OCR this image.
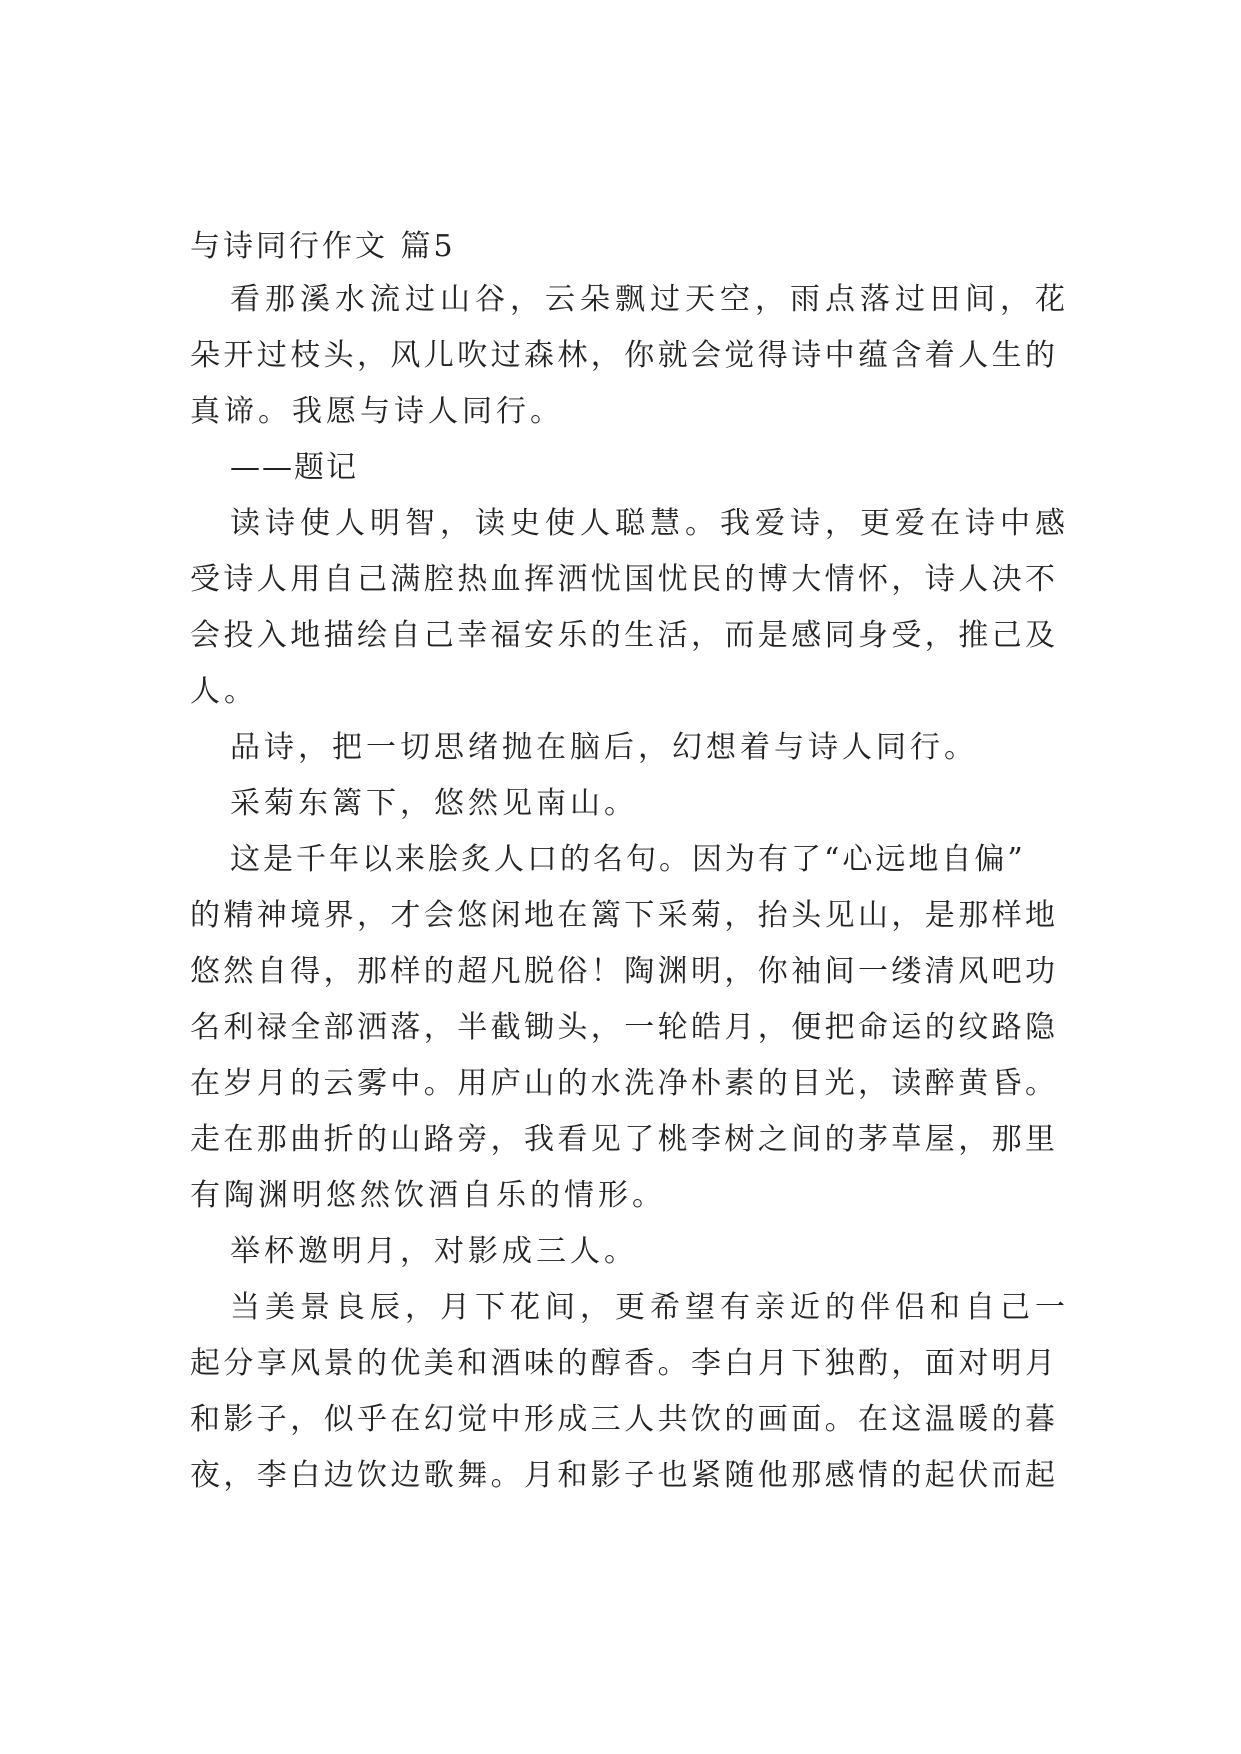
与诗同行作文 篇5
看那溪水流过山谷，云朵飘过天空，雨点落过田间，花
朵开过枝头，风儿吹过森林，你就会觉得诗中蕴含着人生的
真谛。我愿与诗人同行。
——题记
读诗使人明智，读史使人聪慧。我爱诗，更爱在诗中感
受诗人用自己满腔热血挥洒忧国忧民的博大情怀，诗人决不
会投入地描绘自己幸福安乐的生活，而是感同身受，推己及
人。
品诗，把一切思绪抛在脑后，幻想着与诗人同行。
采菊东篱下，悠然见南山。
这是千年以来脍炙人口的名句。因为有了“心远地自偏”
的精神境界，才会悠闲地在篱下采菊，抬头见山，是那样地
悠然自得，那样的超凡脱俗！陶渊明，你袖间一缕清风吧功
名利禄全部洒落，半截锄头，一轮皓月，便把命运的纹路隐
在岁月的云雾中。用庐山的水洗净朴素的目光，读醉黄昏。
走在那曲折的山路旁，我看见了桃李树之间的茅草屋，那里
有陶渊明悠然饮酒自乐的情形。
举杯邀明月，对影成三人。
当美景良辰，月下花间，更希望有亲近的伴侣和自己一
起分享风景的优美和酒味的醇香。李白月下独酌，面对明月
和影子，似乎在幻觉中形成三人共饮的画面。在这温暖的暮
夜，李白边饮边歌舞。月和影子也紧随他那感情的起伏而起
